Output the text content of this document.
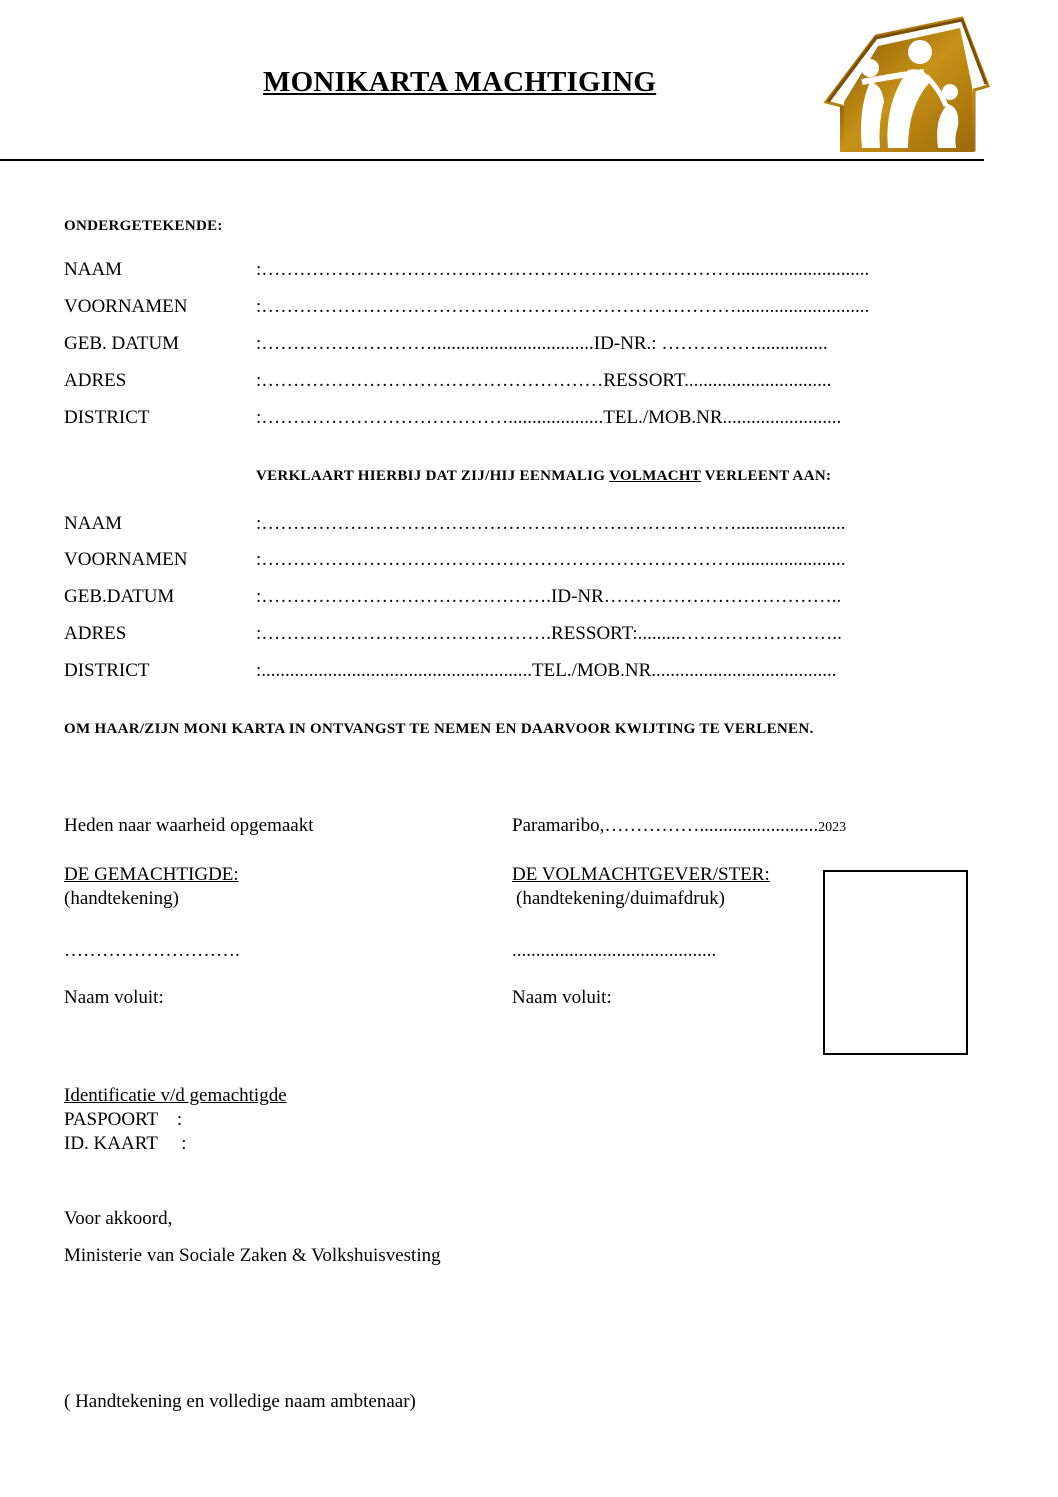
MONIKARTA MACHTIGING
ONDERGETEKENDE:
NAAM	:…………………………………………………………………............................
VOORNAMEN	:…………………………………………………………………............................
GEB. DATUM	:………………………..................................ID-NR.: ……………...............
ADRES	:………………………………………………RESSORT...............................
DISTRICT	:…………………………………....................TEL./MOB.NR.........................
VERKLAART HIERBIJ DAT ZIJ/HIJ EENMALIG VOLMACHT VERLEENT AAN:
NAAM	:………………………………………………………………….......................
VOORNAMEN	:………………………………………………………………….......................
GEB.DATUM	:……………………………………….ID-NR………………………………..
ADRES	:……………………………………….RESSORT:.........……………………..
DISTRICT	:.........................................................TEL./MOB.NR.......................................
OM HAAR/ZIJN MONI KARTA IN ONTVANGST TE NEMEN EN DAARVOOR KWIJTING TE VERLENEN.
Heden naar waarheid opgemaakt	Paramaribo,…………….........................2023
DE GEMACHTIGDE:
(handtekening)
……………………….
Naam voluit:
DE VOLMACHTGEVER/STER:
(handtekening/duimafdruk)
...........................................
Naam voluit:
Identificatie v/d gemachtigde
PASPOORT    :
ID. KAART     :
Voor akkoord,
Ministerie van Sociale Zaken & Volkshuisvesting
( Handtekening en volledige naam ambtenaar)
